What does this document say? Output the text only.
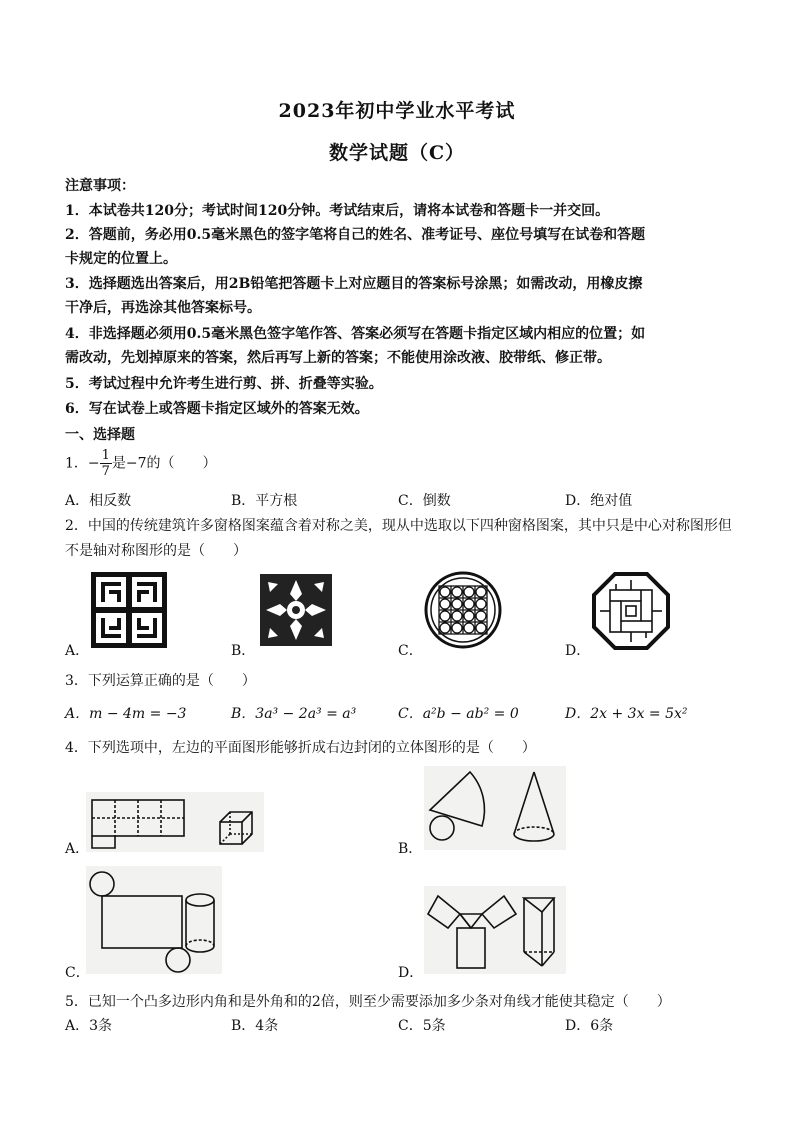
2023年初中学业水平考试
数学试题（C）
注意事项：
1．本试卷共120分；考试时间120分钟。考试结束后，请将本试卷和答题卡一并交回。
2．答题前，务必用0.5毫米黑色的签字笔将自己的姓名、准考证号、座位号填写在试卷和答题
卡规定的位置上。
3．选择题选出答案后，用2B铅笔把答题卡上对应题目的答案标号涂黑；如需改动，用橡皮擦
干净后，再选涂其他答案标号。
4．非选择题必须用0.5毫米黑色签字笔作答、答案必须写在答题卡指定区域内相应的位置；如
需改动，先划掉原来的答案，然后再写上新的答案；不能使用涂改液、胶带纸、修正带。
5．考试过程中允许考生进行剪、拼、折叠等实验。
6．写在试卷上或答题卡指定区域外的答案无效。
一、选择题
1．− $\frac{1}{7}$ 是−7的（　　）
A．相反数	B．平方根	C．倒数	D．绝对值
2．中国的传统建筑许多窗格图案蕴含着对称之美，现从中选取以下四种窗格图案，其中只是中心对称图形但
不是轴对称图形的是（　　）
A．	B．	C．	D．
3．下列运算正确的是（　　）
A．m − 4m = −3	B．3a³ − 2a³ = a³	C．a²b − ab² = 0	D．2x + 3x = 5x²
4．下列选项中，左边的平面图形能够折成右边封闭的立体图形的是（　　）
A．	B．
C．	D．
5．已知一个凸多边形内角和是外角和的2倍，则至少需要添加多少条对角线才能使其稳定（　　）
A．3条	B．4条	C．5条	D．6条
